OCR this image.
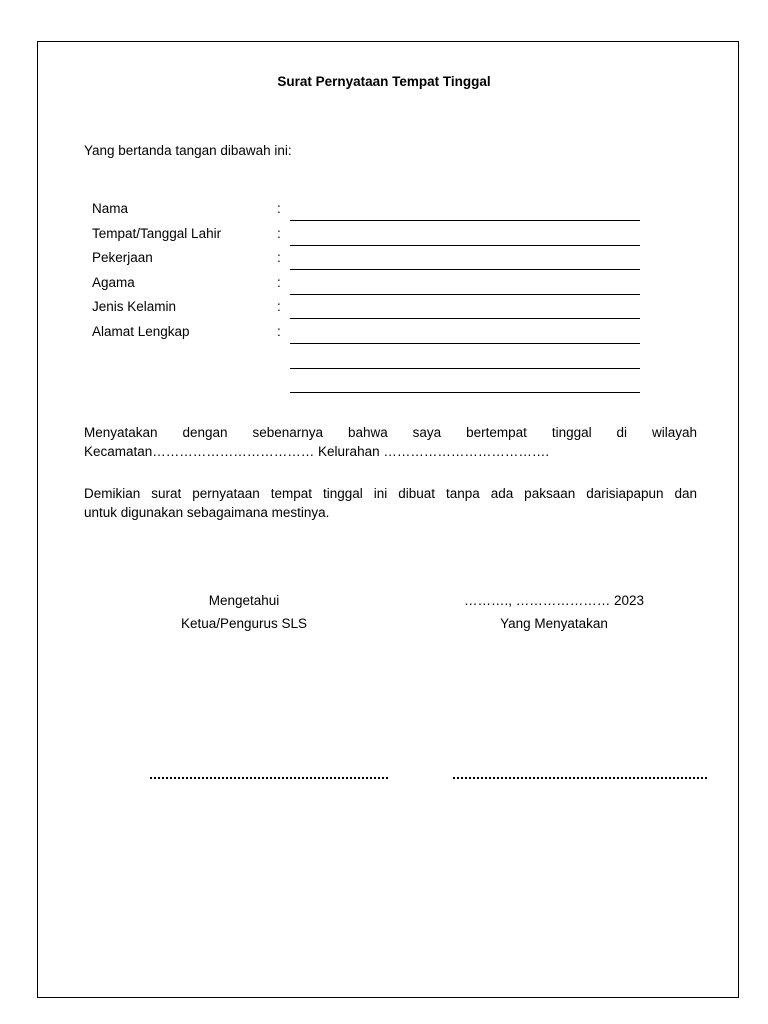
Surat Pernyataan Tempat Tinggal
Yang bertanda tangan dibawah ini:
Nama	:
Tempat/Tanggal Lahir	:
Pekerjaan	:
Agama	:
Jenis Kelamin	:
Alamat Lengkap	:
Menyatakan dengan sebenarnya bahwa saya bertempat tinggal di wilayah
Kecamatan……………………………… Kelurahan ……………………………….
Demikian surat pernyataan tempat tinggal ini dibuat tanpa ada paksaan darisiapapun dan
untuk digunakan sebagaimana mestinya.
Mengetahui
Ketua/Pengurus SLS
………., ………………… 2023
Yang Menyatakan
